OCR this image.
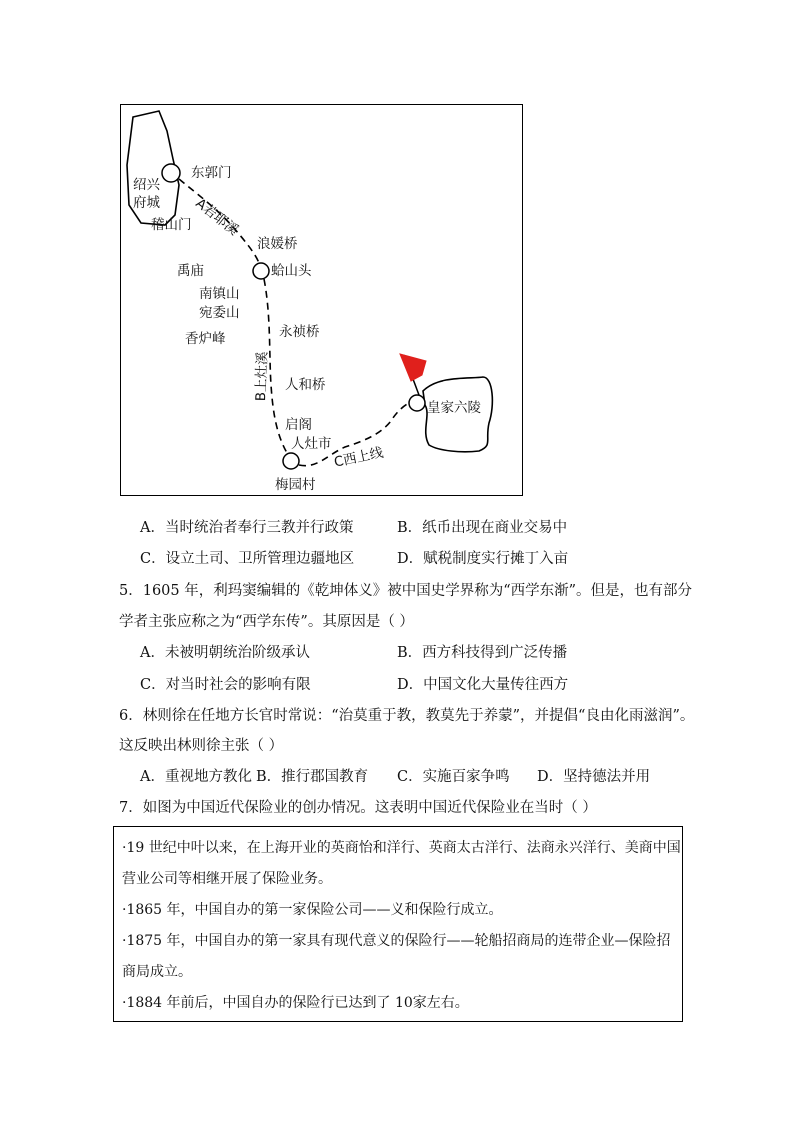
东郭门
绍兴
府城
稽山门 A若耶溪
浪媛桥
禹庙	蛤山头
南镇山
宛委山
香炉峰	永祯桥
B上灶溪 人和桥
启阁
人灶市
皇家六陵
C西上线
梅园村
A．当时统治者奉行三教并行政策	B．纸币出现在商业交易中
C．设立土司、卫所管理边疆地区	D．赋税制度实行摊丁入亩
5．1605 年，利玛窦编辑的《乾坤体义》被中国史学界称为“西学东渐”。但是，也有部分
学者主张应称之为“西学东传”。其原因是（ ）
A．未被明朝统治阶级承认	B．西方科技得到广泛传播
C．对当时社会的影响有限	D．中国文化大量传往西方
6．林则徐在任地方长官时常说：“治莫重于教，教莫先于养蒙”，并提倡“良由化雨滋润”。
这反映出林则徐主张（ ）
A．重视地方教化 B．推行郡国教育 C．实施百家争鸣 D．坚持德法并用
7．如图为中国近代保险业的创办情况。这表明中国近代保险业在当时（ ）

·19 世纪中叶以来，在上海开业的英商怡和洋行、英商太古洋行、法商永兴洋行、美商中国

营业公司等相继开展了保险业务。

·1865 年，中国自办的第一家保险公司——义和保险行成立。

·1875 年，中国自办的第一家具有现代意义的保险行——轮船招商局的连带企业—保险招

商局成立。

·1884 年前后，中国自办的保险行已达到了 10家左右。
